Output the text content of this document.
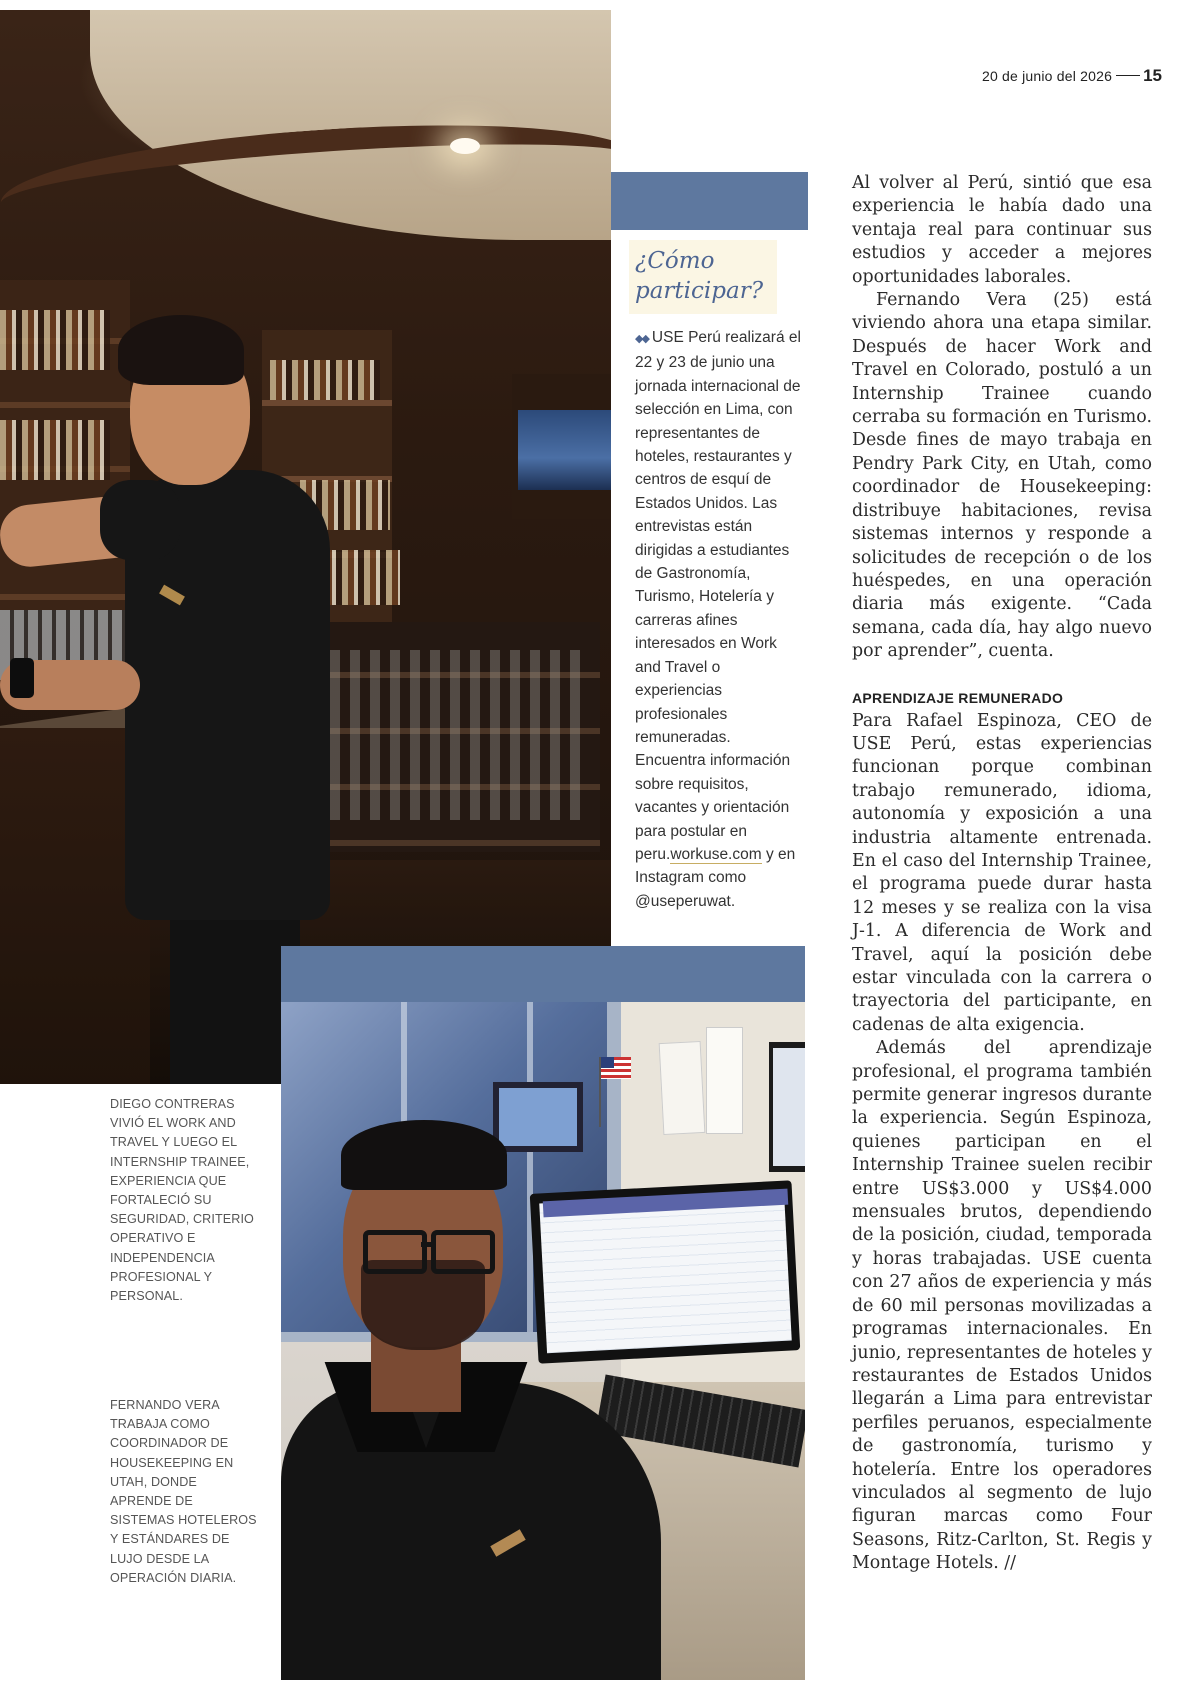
20 de junio del 2026 15
¿Cómo
participar?
◆◆ USE Perú realizará el 22 y 23 de junio una jornada internacional de selección en Lima, con representantes de hoteles, restaurantes y centros de esquí de Estados Unidos. Las entrevistas están dirigidas a estudiantes de Gastronomía, Turismo, Hotelería y carreras afines interesados en Work and Travel o experiencias profesionales remuneradas. Encuentra información sobre requisitos, vacantes y orientación para postular en peru.workuse.com y en Instagram como @useperuwat.

Al volver al Perú, sintió que esa experiencia le había dado una ventaja real para continuar sus estudios y acceder a mejores oportunidades laborales.

Fernando Vera (25) está viviendo ahora una etapa similar. Después de hacer Work and Travel en Colorado, postuló a un Internship Trainee cuando cerraba su formación en Turismo. Desde fines de mayo trabaja en Pendry Park City, en Utah, como coordinador de Housekeeping: distribuye habitaciones, revisa sistemas internos y responde a solicitudes de recepción o de los huéspedes, en una operación diaria más exigente. “Cada semana, cada día, hay algo nuevo por aprender”, cuenta.

APRENDIZAJE REMUNERADO

Para Rafael Espinoza, CEO de USE Perú, estas experiencias funcionan porque combinan trabajo remunerado, idioma, autonomía y exposición a una industria altamente entrenada. En el caso del Internship Trainee, el programa puede durar hasta 12 meses y se realiza con la visa J-1. A diferencia de Work and Travel, aquí la posición debe estar vinculada con la carrera o trayectoria del participante, en cadenas de alta exigencia.

Además del aprendizaje profesional, el programa también permite generar ingresos durante la experiencia. Según Espinoza, quienes participan en el Internship Trainee suelen recibir entre US$3.000 y US$4.000 mensuales brutos, dependiendo de la posición, ciudad, temporada y horas trabajadas. USE cuenta con 27 años de experiencia y más de 60 mil personas movilizadas a programas internacionales. En junio, representantes de hoteles y restaurantes de Estados Unidos llegarán a Lima para entrevistar perfiles peruanos, especialmente de gastronomía, turismo y hotelería. Entre los operadores vinculados al segmento de lujo figuran marcas como Four Seasons, Ritz-Carlton, St. Regis y Montage Hotels. //

DIEGO CONTRERAS VIVIÓ EL WORK AND TRAVEL Y LUEGO EL INTERNSHIP TRAINEE, EXPERIENCIA QUE FORTALECIÓ SU SEGURIDAD, CRITERIO OPERATIVO E INDEPENDENCIA PROFESIONAL Y PERSONAL.
FERNANDO VERA TRABAJA COMO COORDINADOR DE HOUSEKEEPING EN UTAH, DONDE APRENDE DE SISTEMAS HOTELEROS Y ESTÁNDARES DE LUJO DESDE LA OPERACIÓN DIARIA.
